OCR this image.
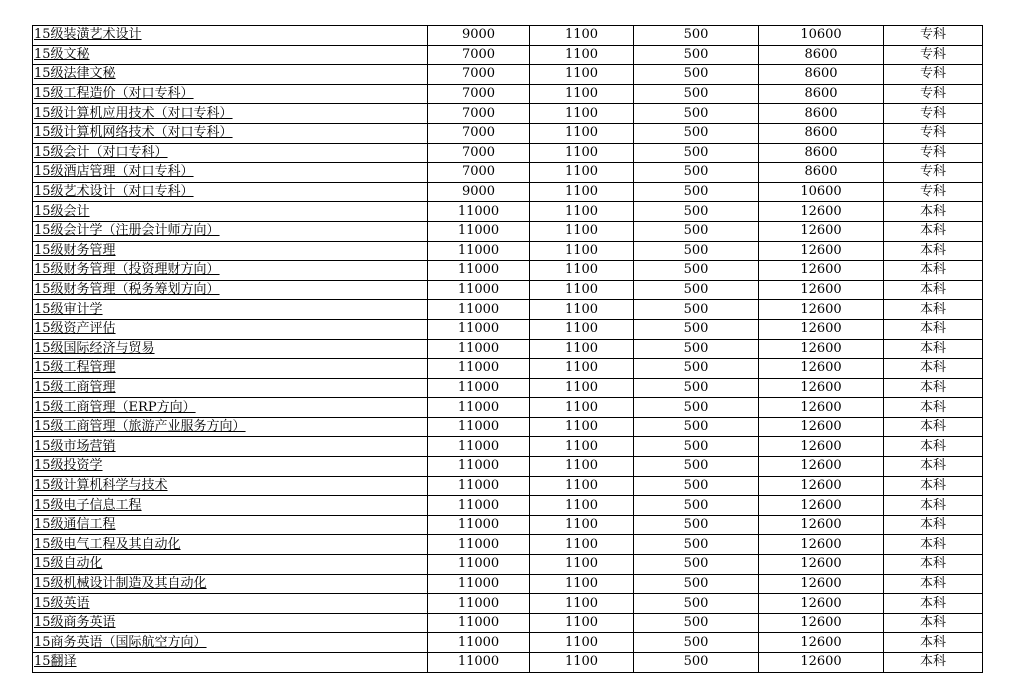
15级装潢艺术设计	9000	1100	500	10600	专科
15级文秘	7000	1100	500	8600	专科
15级法律文秘	7000	1100	500	8600	专科
15级工程造价（对口专科）	7000	1100	500	8600	专科
15级计算机应用技术（对口专科）	7000	1100	500	8600	专科
15级计算机网络技术（对口专科）	7000	1100	500	8600	专科
15级会计（对口专科）	7000	1100	500	8600	专科
15级酒店管理（对口专科）	7000	1100	500	8600	专科
15级艺术设计（对口专科）	9000	1100	500	10600	专科
15级会计	11000	1100	500	12600	本科
15级会计学（注册会计师方向）	11000	1100	500	12600	本科
15级财务管理	11000	1100	500	12600	本科
15级财务管理（投资理财方向）	11000	1100	500	12600	本科
15级财务管理（税务筹划方向）	11000	1100	500	12600	本科
15级审计学	11000	1100	500	12600	本科
15级资产评估	11000	1100	500	12600	本科
15级国际经济与贸易	11000	1100	500	12600	本科
15级工程管理	11000	1100	500	12600	本科
15级工商管理	11000	1100	500	12600	本科
15级工商管理（ERP方向）	11000	1100	500	12600	本科
15级工商管理（旅游产业服务方向）	11000	1100	500	12600	本科
15级市场营销	11000	1100	500	12600	本科
15级投资学	11000	1100	500	12600	本科
15级计算机科学与技术	11000	1100	500	12600	本科
15级电子信息工程	11000	1100	500	12600	本科
15级通信工程	11000	1100	500	12600	本科
15级电气工程及其自动化	11000	1100	500	12600	本科
15级自动化	11000	1100	500	12600	本科
15级机械设计制造及其自动化	11000	1100	500	12600	本科
15级英语	11000	1100	500	12600	本科
15级商务英语	11000	1100	500	12600	本科
15商务英语（国际航空方向）	11000	1100	500	12600	本科
15翻译	11000	1100	500	12600	本科
